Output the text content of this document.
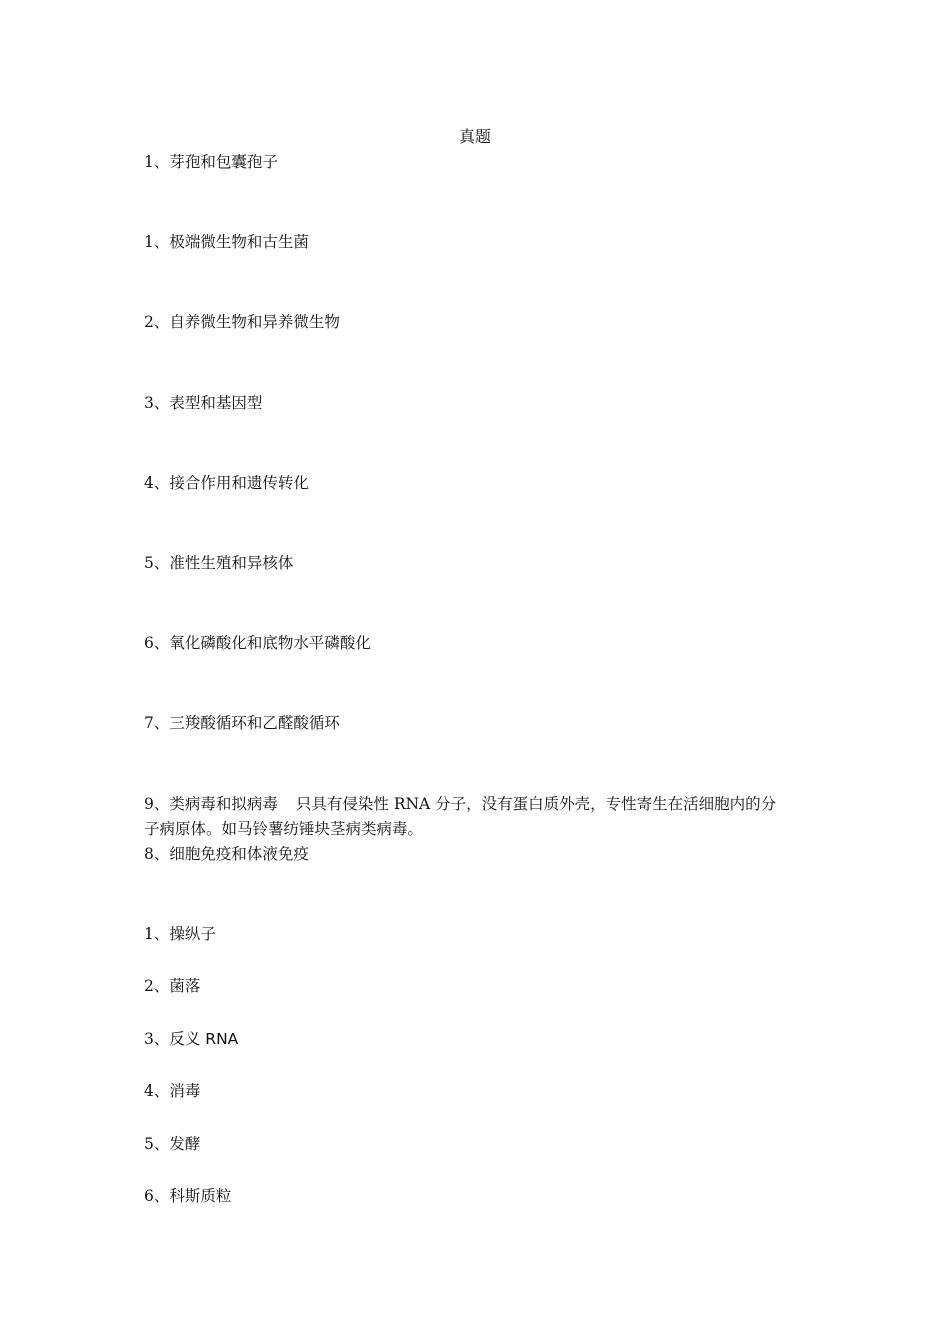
真题
1、芽孢和包囊孢子
1、极端微生物和古生菌
2、自养微生物和异养微生物
3、表型和基因型
4、接合作用和遗传转化
5、准性生殖和异核体
6、氧化磷酸化和底物水平磷酸化
7、三羧酸循环和乙醛酸循环
9、类病毒和拟病毒 只具有侵染性 RNA 分子，没有蛋白质外壳，专性寄生在活细胞内的分
子病原体。如马铃薯纺锤块茎病类病毒。
8、细胞免疫和体液免疫
1、操纵子
2、菌落
3、反义 RNA
4、消毒
5、发酵
6、科斯质粒
